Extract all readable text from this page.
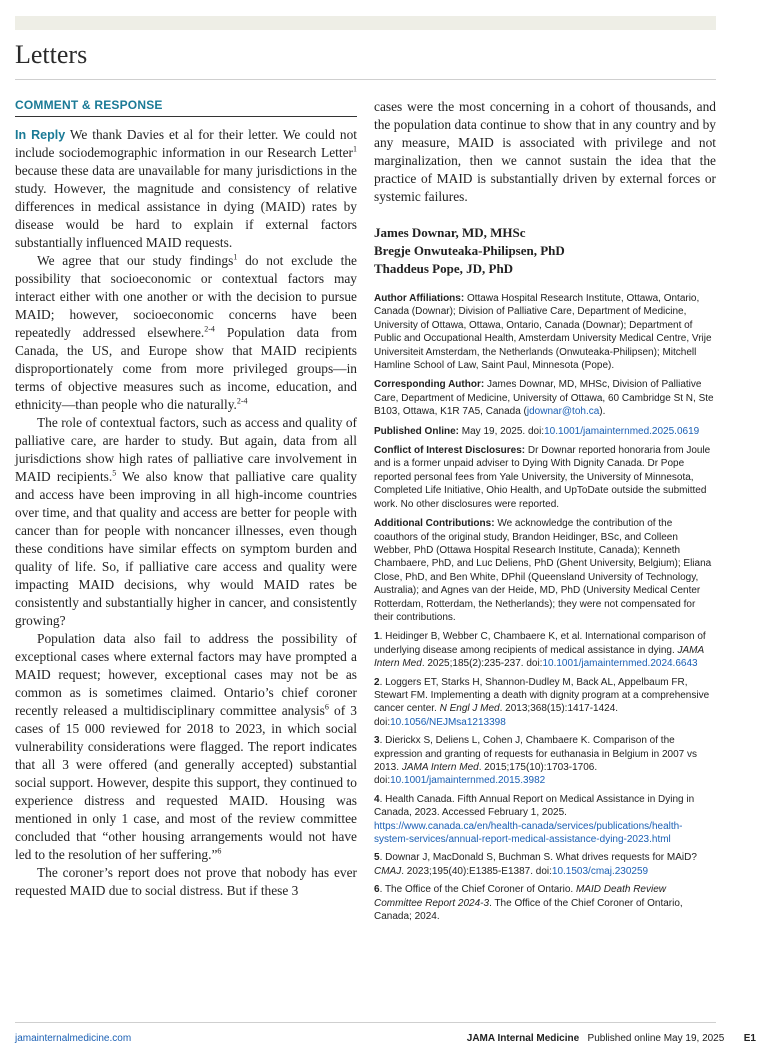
Letters
COMMENT & RESPONSE

In Reply We thank Davies et al for their letter. We could not include sociodemographic information in our Research Letter$^1$ because these data are unavailable for many jurisdictions in the study. However, the magnitude and consistency of relative differences in medical assistance in dying (MAID) rates by disease would be hard to explain if external factors substantially influenced MAID requests.

We agree that our study findings$^1$ do not exclude the possibility that socioeconomic or contextual factors may interact either with one another or with the decision to pursue MAID; however, socioeconomic concerns have been repeatedly addressed elsewhere.$^{2-4}$ Population data from Canada, the US, and Europe show that MAID recipients disproportionately come from more privileged groups—in terms of objective measures such as income, education, and ethnicity—than people who die naturally.$^{2-4}$

The role of contextual factors, such as access and quality of palliative care, are harder to study. But again, data from all jurisdictions show high rates of palliative care involvement in MAID recipients.$^5$ We also know that palliative care quality and access have been improving in all high-income countries over time, and that quality and access are better for people with cancer than for people with noncancer illnesses, even though these conditions have similar effects on symptom burden and quality of life. So, if palliative care access and quality were impacting MAID decisions, why would MAID rates be consistently and substantially higher in cancer, and consistently growing?

Population data also fail to address the possibility of exceptional cases where external factors may have prompted a MAID request; however, exceptional cases may not be as common as is sometimes claimed. Ontario’s chief coroner recently released a multidisciplinary committee analysis$^6$ of 3 cases of 15 000 reviewed for 2018 to 2023, in which social vulnerability considerations were flagged. The report indicates that all 3 were offered (and generally accepted) substantial social support. However, despite this support, they continued to experience distress and requested MAID. Housing was mentioned in only 1 case, and most of the review committee concluded that “other housing arrangements would not have led to the resolution of her suffering.”$^6$

The coroner’s report does not prove that nobody has ever requested MAID due to social distress. But if these 3

cases were the most concerning in a cohort of thousands, and the population data continue to show that in any country and by any measure, MAID is associated with privilege and not marginalization, then we cannot sustain the idea that the practice of MAID is substantially driven by external forces or systemic failures.

James Downar, MD, MHSc
Bregje Onwuteaka-Philipsen, PhD
Thaddeus Pope, JD, PhD

Author Affiliations: Ottawa Hospital Research Institute, Ottawa, Ontario, Canada (Downar); Division of Palliative Care, Department of Medicine, University of Ottawa, Ottawa, Ontario, Canada (Downar); Department of Public and Occupational Health, Amsterdam University Medical Centre, Vrije Universiteit Amsterdam, the Netherlands (Onwuteaka-Philipsen); Mitchell Hamline School of Law, Saint Paul, Minnesota (Pope).

Corresponding Author: James Downar, MD, MHSc, Division of Palliative Care, Department of Medicine, University of Ottawa, 60 Cambridge St N, Ste B103, Ottawa, K1R 7A5, Canada (jdownar@toh.ca).

Published Online: May 19, 2025. doi:10.1001/jamainternmed.2025.0619

Conflict of Interest Disclosures: Dr Downar reported honoraria from Joule and is a former unpaid adviser to Dying With Dignity Canada. Dr Pope reported personal fees from Yale University, the University of Minnesota, Completed Life Initiative, Ohio Health, and UpToDate outside the submitted work. No other disclosures were reported.

Additional Contributions: We acknowledge the contribution of the coauthors of the original study, Brandon Heidinger, BSc, and Colleen Webber, PhD (Ottawa Hospital Research Institute, Canada); Kenneth Chambaere, PhD, and Luc Deliens, PhD (Ghent University, Belgium); Eliana Close, PhD, and Ben White, DPhil (Queensland University of Technology, Australia); and Agnes van der Heide, MD, PhD (University Medical Center Rotterdam, Rotterdam, the Netherlands); they were not compensated for their contributions.

1. Heidinger B, Webber C, Chambaere K, et al. International comparison of underlying disease among recipients of medical assistance in dying. JAMA Intern Med. 2025;185(2):235-237. doi:10.1001/jamainternmed.2024.6643

2. Loggers ET, Starks H, Shannon-Dudley M, Back AL, Appelbaum FR, Stewart FM. Implementing a death with dignity program at a comprehensive cancer center. N Engl J Med. 2013;368(15):1417-1424. doi:10.1056/NEJMsa1213398

3. Dierickx S, Deliens L, Cohen J, Chambaere K. Comparison of the expression and granting of requests for euthanasia in Belgium in 2007 vs 2013. JAMA Intern Med. 2015;175(10):1703-1706. doi:10.1001/jamainternmed.2015.3982

4. Health Canada. Fifth Annual Report on Medical Assistance in Dying in Canada, 2023. Accessed February 1, 2025. https://www.canada.ca/en/health-canada/services/publications/health-system-services/annual-report-medical-assistance-dying-2023.html

5. Downar J, MacDonald S, Buchman S. What drives requests for MAiD? CMAJ. 2023;195(40):E1385-E1387. doi:10.1503/cmaj.230259

6. The Office of the Chief Coroner of Ontario. MAID Death Review Committee Report 2024-3. The Office of the Chief Coroner of Ontario, Canada; 2024.

jamainternalmedicine.com	JAMA Internal Medicine Published online May 19, 2025 E1
